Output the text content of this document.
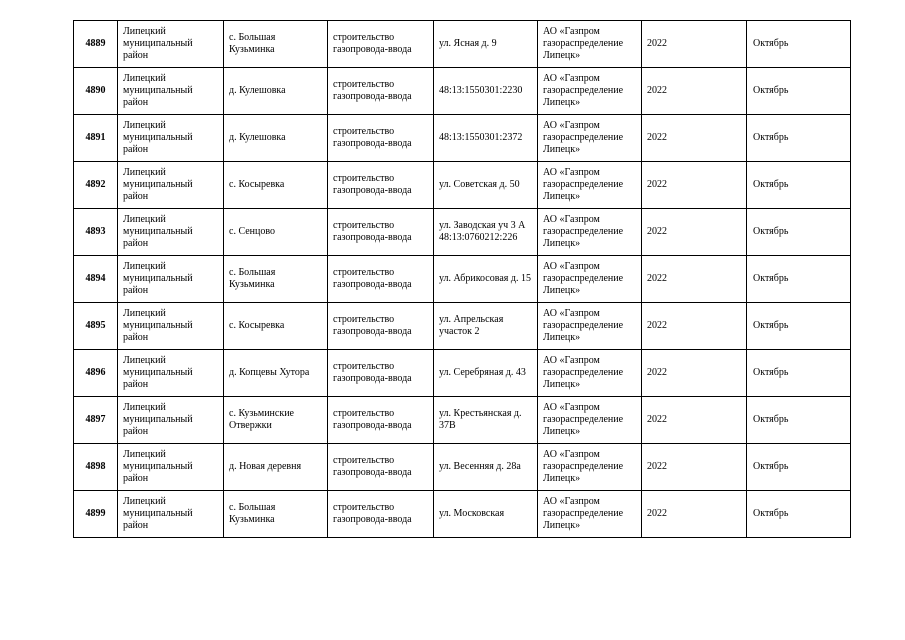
4889	Липецкий муниципальный район	с. Большая Кузьминка	строительство газопровода-ввода	ул. Ясная д. 9	АО «Газпром газораспределение Липецк»	2022	Октябрь
4890	Липецкий муниципальный район	д. Кулешовка	строительство газопровода-ввода	48:13:1550301:2230	АО «Газпром газораспределение Липецк»	2022	Октябрь
4891	Липецкий муниципальный район	д. Кулешовка	строительство газопровода-ввода	48:13:1550301:2372	АО «Газпром газораспределение Липецк»	2022	Октябрь
4892	Липецкий муниципальный район	с. Косыревка	строительство газопровода-ввода	ул. Советская д. 50	АО «Газпром газораспределение Липецк»	2022	Октябрь
4893	Липецкий муниципальный район	с. Сенцово	строительство газопровода-ввода	ул. Заводская уч 3 А 48:13:0760212:226	АО «Газпром газораспределение Липецк»	2022	Октябрь
4894	Липецкий муниципальный район	с. Большая Кузьминка	строительство газопровода-ввода	ул. Абрикосовая д. 15	АО «Газпром газораспределение Липецк»	2022	Октябрь
4895	Липецкий муниципальный район	с. Косыревка	строительство газопровода-ввода	ул. Апрельская участок 2	АО «Газпром газораспределение Липецк»	2022	Октябрь
4896	Липецкий муниципальный район	д. Копцевы Хутора	строительство газопровода-ввода	ул. Серебряная д. 43	АО «Газпром газораспределение Липецк»	2022	Октябрь
4897	Липецкий муниципальный район	с. Кузьминские Отвержки	строительство газопровода-ввода	ул. Крестьянская д. 37В	АО «Газпром газораспределение Липецк»	2022	Октябрь
4898	Липецкий муниципальный район	д. Новая деревня	строительство газопровода-ввода	ул. Весенняя д. 28а	АО «Газпром газораспределение Липецк»	2022	Октябрь
4899	Липецкий муниципальный район	с. Большая Кузьминка	строительство газопровода-ввода	ул. Московская	АО «Газпром газораспределение Липецк»	2022	Октябрь
